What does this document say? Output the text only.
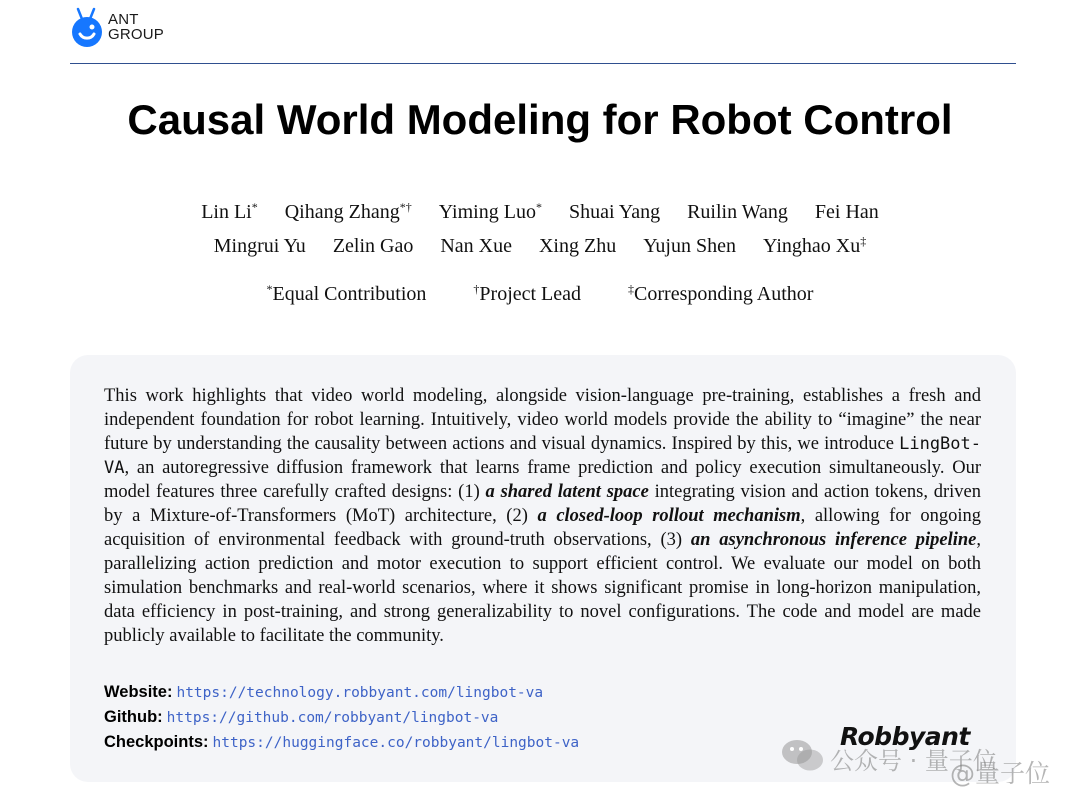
ANT
GROUP
Causal World Modeling for Robot Control
Lin Li* Qihang Zhang*† Yiming Luo* Shuai Yang Ruilin Wang Fei Han
Mingrui Yu Zelin Gao Nan Xue Xing Zhu Yujun Shen Yinghao Xu‡
*Equal Contribution	†Project Lead	‡Corresponding Author

This work highlights that video world modeling, alongside vision-language pre-training, establishes a fresh and independent foundation for robot learning. Intuitively, video world models provide the ability to “imagine” the near future by understanding the causality between actions and visual dynamics. Inspired by this, we introduce LingBot-VA, an autoregressive diffusion framework that learns frame prediction and policy execution simultaneously. Our model features three carefully crafted designs: (1) a shared latent space integrating vision and action tokens, driven by a Mixture-of-Transformers (MoT) architecture, (2) a closed-loop rollout mechanism, allowing for ongoing acquisition of environmental feedback with ground-truth observations, (3) an asynchronous inference pipeline, parallelizing action prediction and motor execution to support efficient control. We evaluate our model on both simulation benchmarks and real-world scenarios, where it shows significant promise in long-horizon manipulation, data efficiency in post-training, and strong generalizability to novel configurations. The code and model are made publicly available to facilitate the community.

Website: https://technology.robbyant.com/lingbot-va
Github: https://github.com/robbyant/lingbot-va
Checkpoints: https://huggingface.co/robbyant/lingbot-va	Robbyant
公众号 · 量子位
@量子位
